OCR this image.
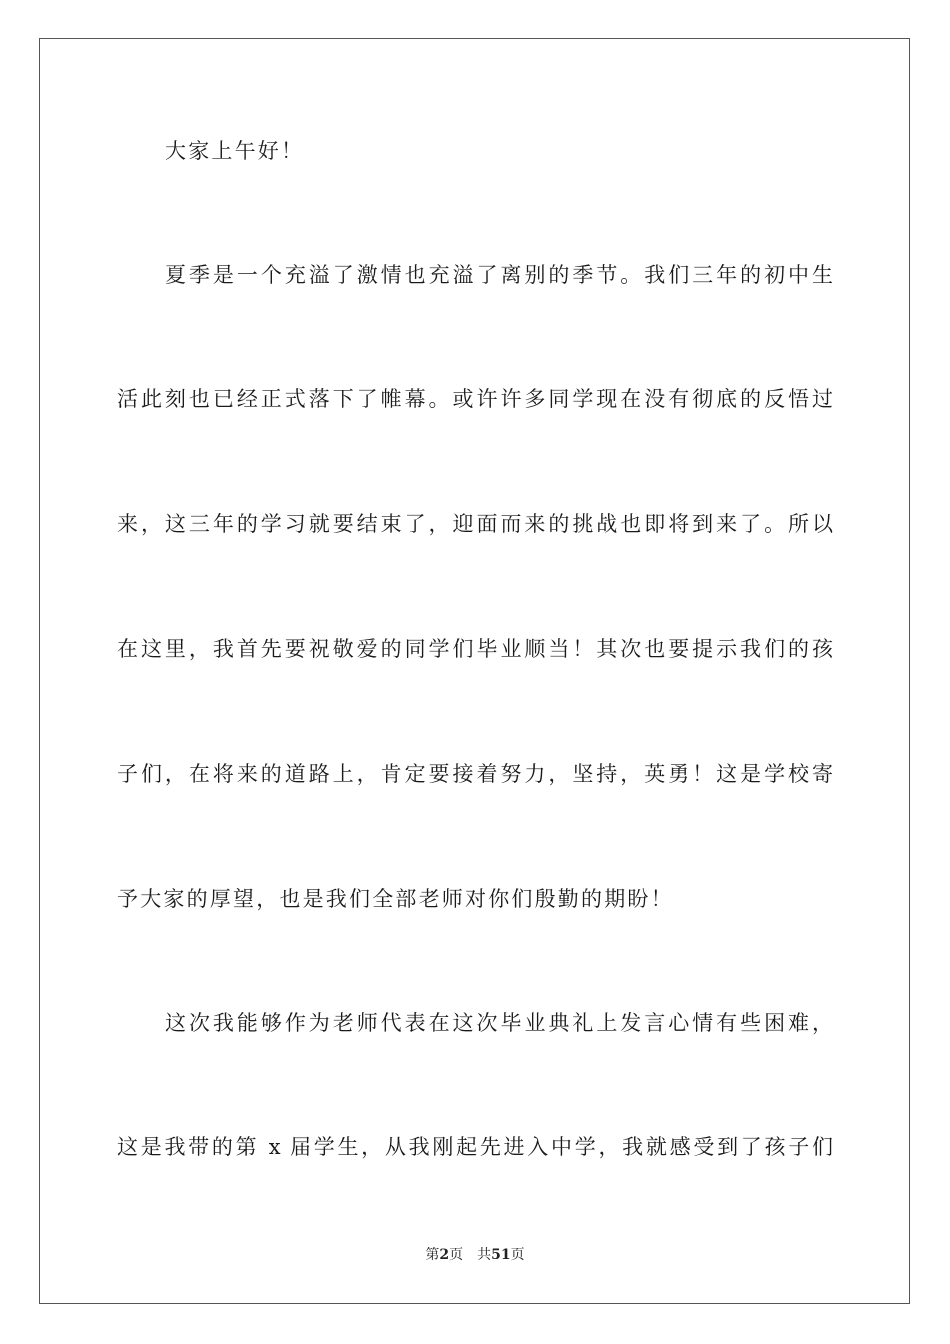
大家上午好！
夏季是一个充溢了激情也充溢了离别的季节。我们三年的初中生
活此刻也已经正式落下了帷幕。或许许多同学现在没有彻底的反悟过
来，这三年的学习就要结束了，迎面而来的挑战也即将到来了。所以
在这里，我首先要祝敬爱的同学们毕业顺当！其次也要提示我们的孩
子们，在将来的道路上，肯定要接着努力，坚持，英勇！这是学校寄
予大家的厚望，也是我们全部老师对你们殷勤的期盼！
这次我能够作为老师代表在这次毕业典礼上发言心情有些困难，
这是我带的第 x 届学生，从我刚起先进入中学，我就感受到了孩子们
第2页 共51页
